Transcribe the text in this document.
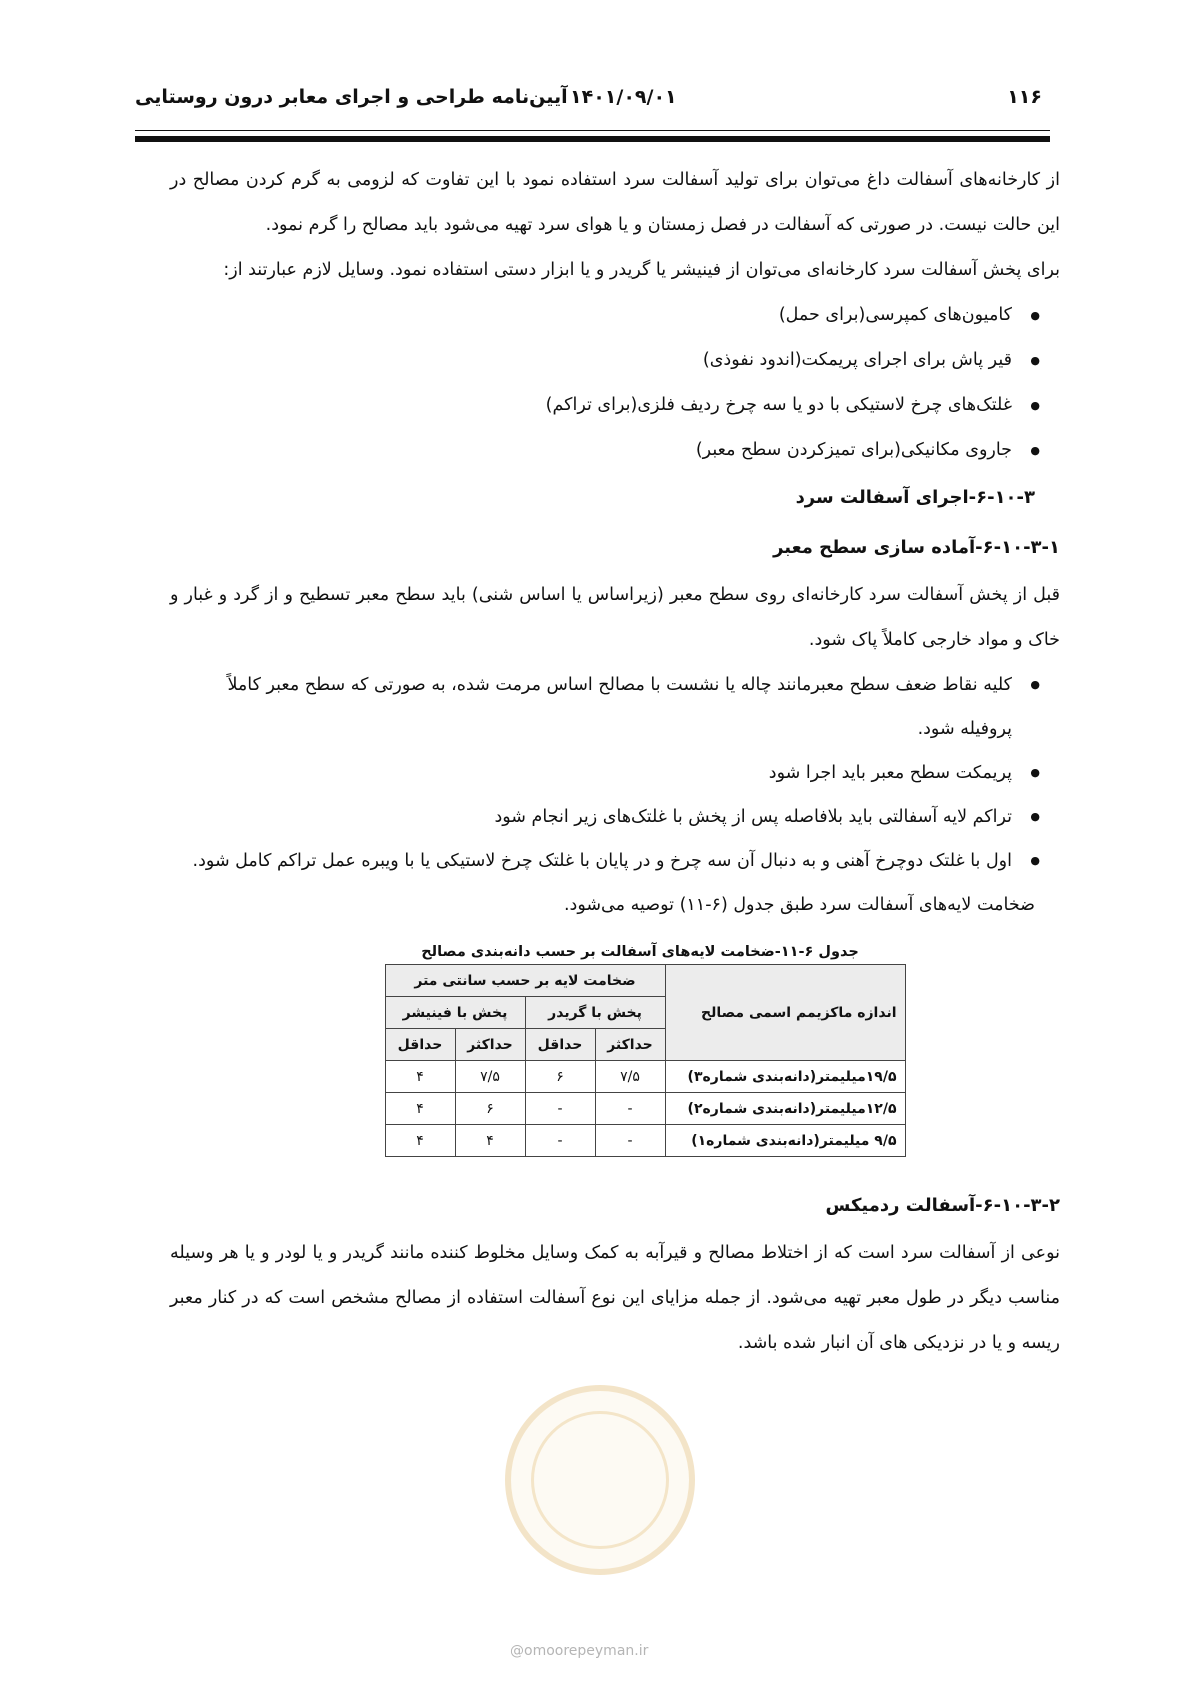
۱۱۶
۱۴۰۱/۰۹/۰۱
آیین‌نامه طراحی و اجرای معابر درون روستایی

از کارخانه‌های آسفالت داغ می‌توان برای تولید آسفالت سرد استفاده نمود با این تفاوت که لزومی به گرم کردن مصالح در این حالت نیست. در صورتی که آسفالت در فصل زمستان و یا هوای سرد تهیه می‌شود باید مصالح را گرم نمود.

برای پخش آسفالت سرد کارخانه‌ای می‌توان از فینیشر یا گریدر و یا ابزار دستی استفاده نمود. وسایل لازم عبارتند از:

● کامیون‌های کمپرسی(برای حمل)
● قیر پاش برای اجرای پریمکت(اندود نفوذی)
● غلتک‌های چرخ لاستیکی با دو یا سه چرخ ردیف فلزی(برای تراکم)
● جاروی مکانیکی(برای تمیزکردن سطح معبر)
۶-۱۰-۳-اجرای آسفالت سرد
۶-۱۰-۳-۱-آماده سازی سطح معبر

قبل از پخش آسفالت سرد کارخانه‌ای روی سطح معبر (زیراساس یا اساس شنی) باید سطح معبر تسطیح و از گرد و غبار و خاک و مواد خارجی کاملاً پاک شود.

● کلیه نقاط ضعف سطح معبرمانند چاله یا نشست با مصالح اساس مرمت شده، به صورتی که سطح معبر کاملاً پروفیله شود.
● پریمکت سطح معبر باید اجرا شود
● تراکم لایه آسفالتی باید بلافاصله پس از پخش با غلتک‌های زیر انجام شود
● اول با غلتک دوچرخ آهنی و به دنبال آن سه چرخ و در پایان با غلتک چرخ لاستیکی یا با ویبره عمل تراکم کامل شود.

ضخامت لایه‌های آسفالت سرد طبق جدول (۶-۱۱) توصیه می‌شود.

جدول ۶-۱۱-ضخامت لایه‌های آسفالت بر حسب دانه‌بندی مصالح
اندازه ماکزیمم اسمی مصالح	ضخامت لایه بر حسب سانتی متر			
	پخش با گریدر		پخش با فینیشر	
	حداکثر	حداقل	حداکثر	حداقل
۱۹/۵میلیمتر(دانه‌بندی شماره۳)	۷/۵	۶	۷/۵	۴
۱۲/۵میلیمتر(دانه‌بندی شماره۲)	-	-	۶	۴
۹/۵ میلیمتر(دانه‌بندی شماره۱)	-	-	۴	۴
۶-۱۰-۳-۲-آسفالت ردمیکس

نوعی از آسفالت سرد است که از اختلاط مصالح و قیرآبه به کمک وسایل مخلوط کننده مانند گریدر و یا لودر و یا هر وسیله مناسب دیگر در طول معبر تهیه می‌شود. از جمله مزایای این نوع آسفالت استفاده از مصالح مشخص است که در کنار معبر ریسه و یا در نزدیکی های آن انبار شده باشد.

@omoorepeyman.ir
